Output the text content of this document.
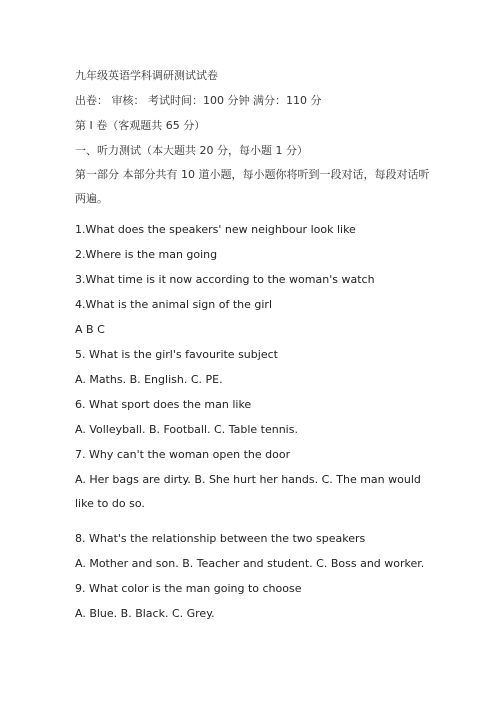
九年级英语学科调研测试试卷
出卷： 审核： 考试时间：100 分钟 满分：110 分
第 I 卷（客观题共 65 分）
一、听力测试（本大题共 20 分，每小题 1 分）
第一部分 本部分共有 10 道小题，每小题你将听到一段对话，每段对话听两遍。
1.What does the speakers' new neighbour look like
2.Where is the man going
3.What time is it now according to the woman's watch
4.What is the animal sign of the girl
A B C
5. What is the girl's favourite subject
A. Maths. B. English. C. PE.
6. What sport does the man like
A. Volleyball. B. Football. C. Table tennis.
7. Why can't the woman open the door
A. Her bags are dirty. B. She hurt her hands. C. The man would like to do so.
8. What's the relationship between the two speakers
A. Mother and son. B. Teacher and student. C. Boss and worker.
9. What color is the man going to choose
A. Blue. B. Black. C. Grey.
